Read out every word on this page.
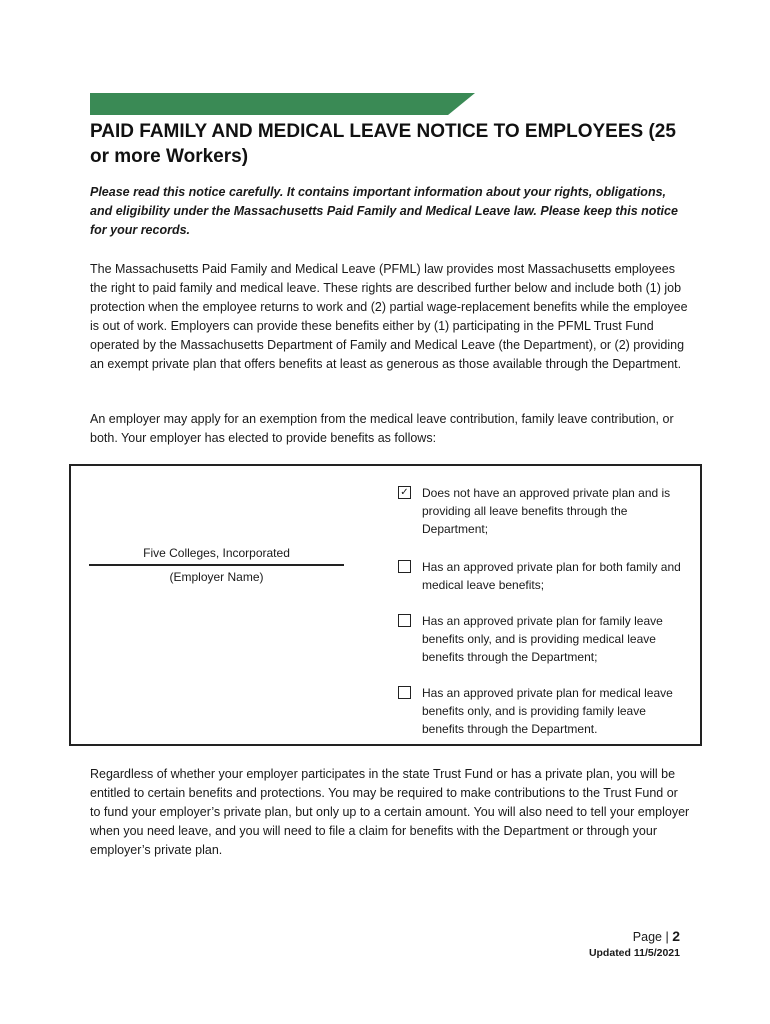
PAID FAMILY AND MEDICAL LEAVE NOTICE TO EMPLOYEES (25 or more Workers)

Please read this notice carefully. It contains important information about your rights, obligations, and eligibility under the Massachusetts Paid Family and Medical Leave law. Please keep this notice for your records.

The Massachusetts Paid Family and Medical Leave (PFML) law provides most Massachusetts employees the right to paid family and medical leave. These rights are described further below and include both (1) job protection when the employee returns to work and (2) partial wage-replacement benefits while the employee is out of work. Employers can provide these benefits either by (1) participating in the PFML Trust Fund operated by the Massachusetts Department of Family and Medical Leave (the Department), or (2) providing an exempt private plan that offers benefits at least as generous as those available through the Department.

An employer may apply for an exemption from the medical leave contribution, family leave contribution, or both. Your employer has elected to provide benefits as follows:

Five Colleges, Incorporated
(Employer Name)
✓ Does not have an approved private plan and is providing all leave benefits through the Department;
Has an approved private plan for both family and medical leave benefits;
Has an approved private plan for family leave benefits only, and is providing medical leave benefits through the Department;
Has an approved private plan for medical leave benefits only, and is providing family leave benefits through the Department.

Regardless of whether your employer participates in the state Trust Fund or has a private plan, you will be entitled to certain benefits and protections. You may be required to make contributions to the Trust Fund or to fund your employer’s private plan, but only up to a certain amount. You will also need to tell your employer when you need leave, and you will need to file a claim for benefits with the Department or through your employer’s private plan.

Page | 2
Updated 11/5/2021
